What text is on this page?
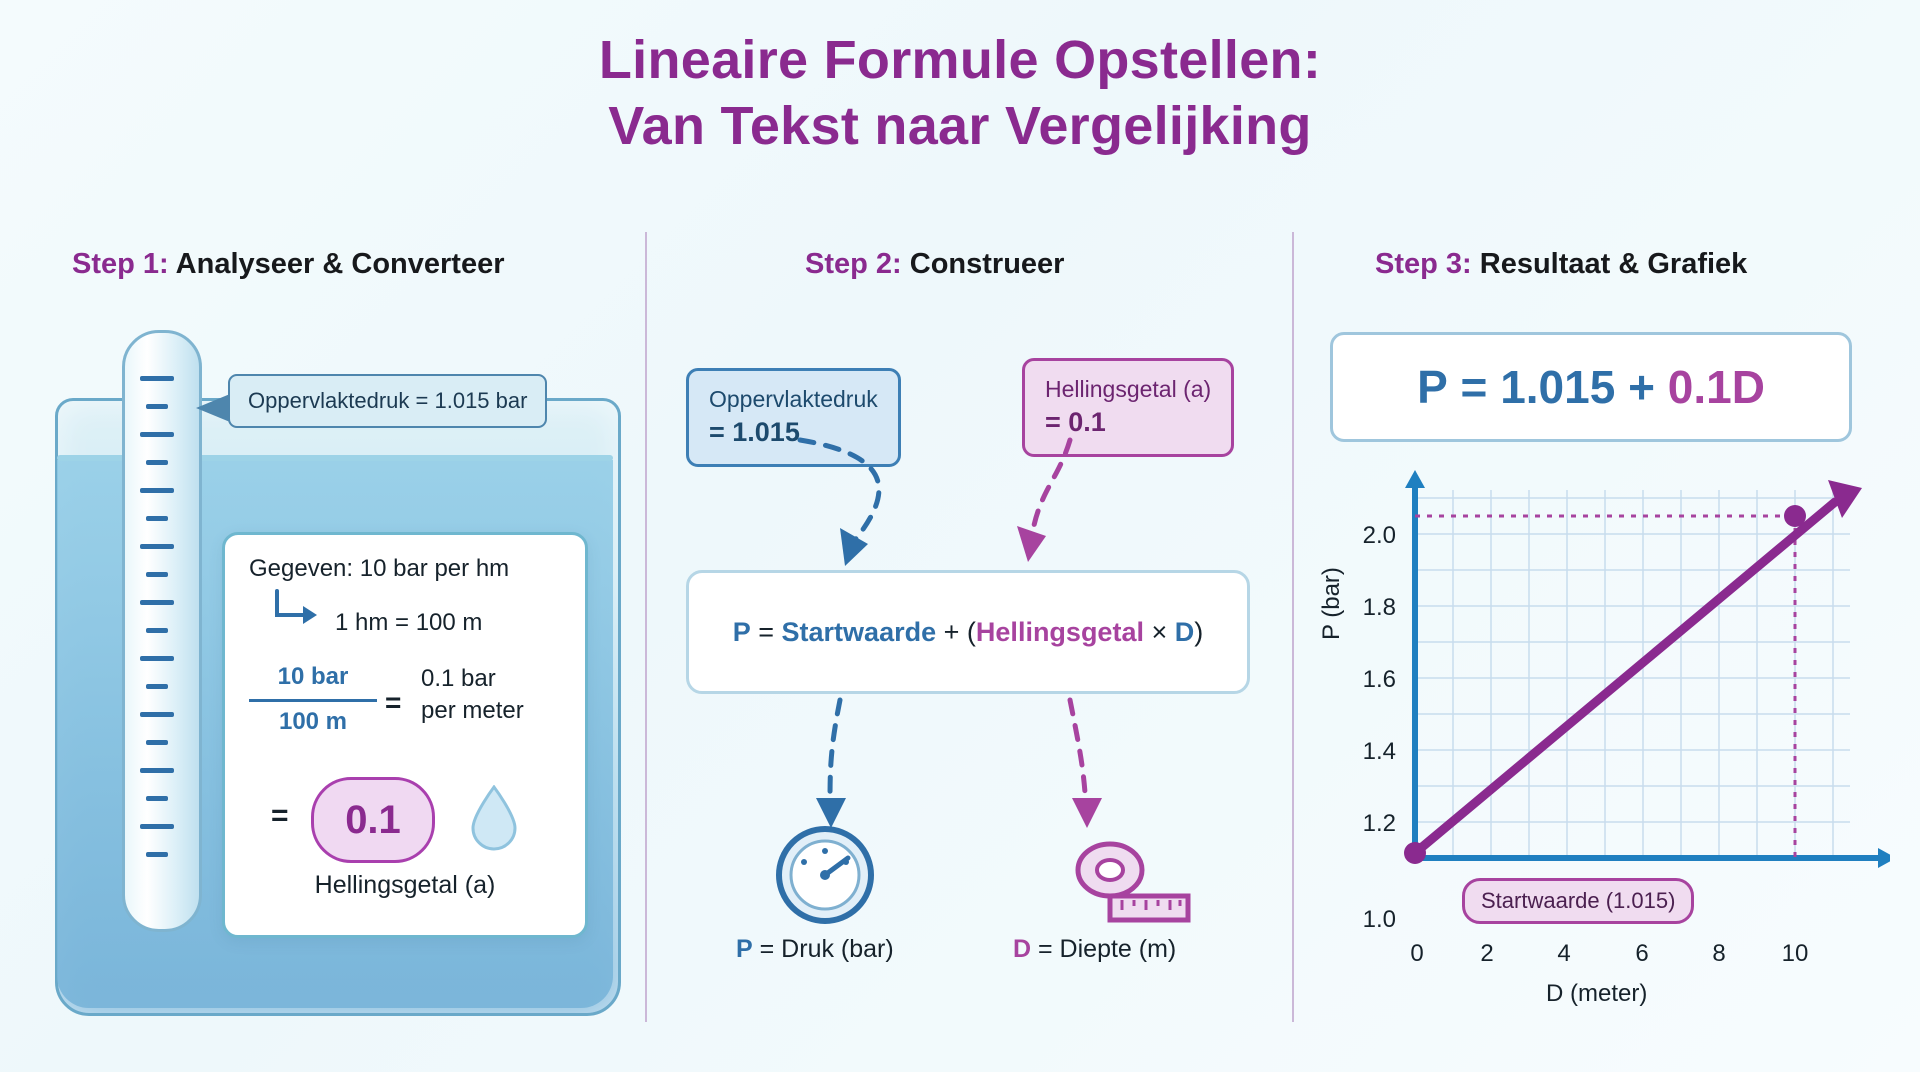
Lineaire Formule Opstellen:
Van Tekst naar Vergelijking
Step 1: Analyseer & Converteer	Step 2: Construeer	Step 3: Resultaat & Grafiek
Oppervlaktedruk = 1.015 bar
Gegeven: 10 bar per hm
1 hm = 100 m
10 bar
100 m
=
0.1 bar
per meter
=	0.1
Hellingsgetal (a)
Oppervlaktedruk
= 1.015
Hellingsgetal (a)
= 0.1
P
=
Startwaarde
+
( Hellingsgetal
×
D )
P = Druk (bar)	D = Diepte (m)
P
=
1.015
+
0.1D
P (bar)
D (meter)
2.0
1.8
1.6
1.4
1.2
1.0
0	2	4	6	8	10
Startwaarde (1.015)
